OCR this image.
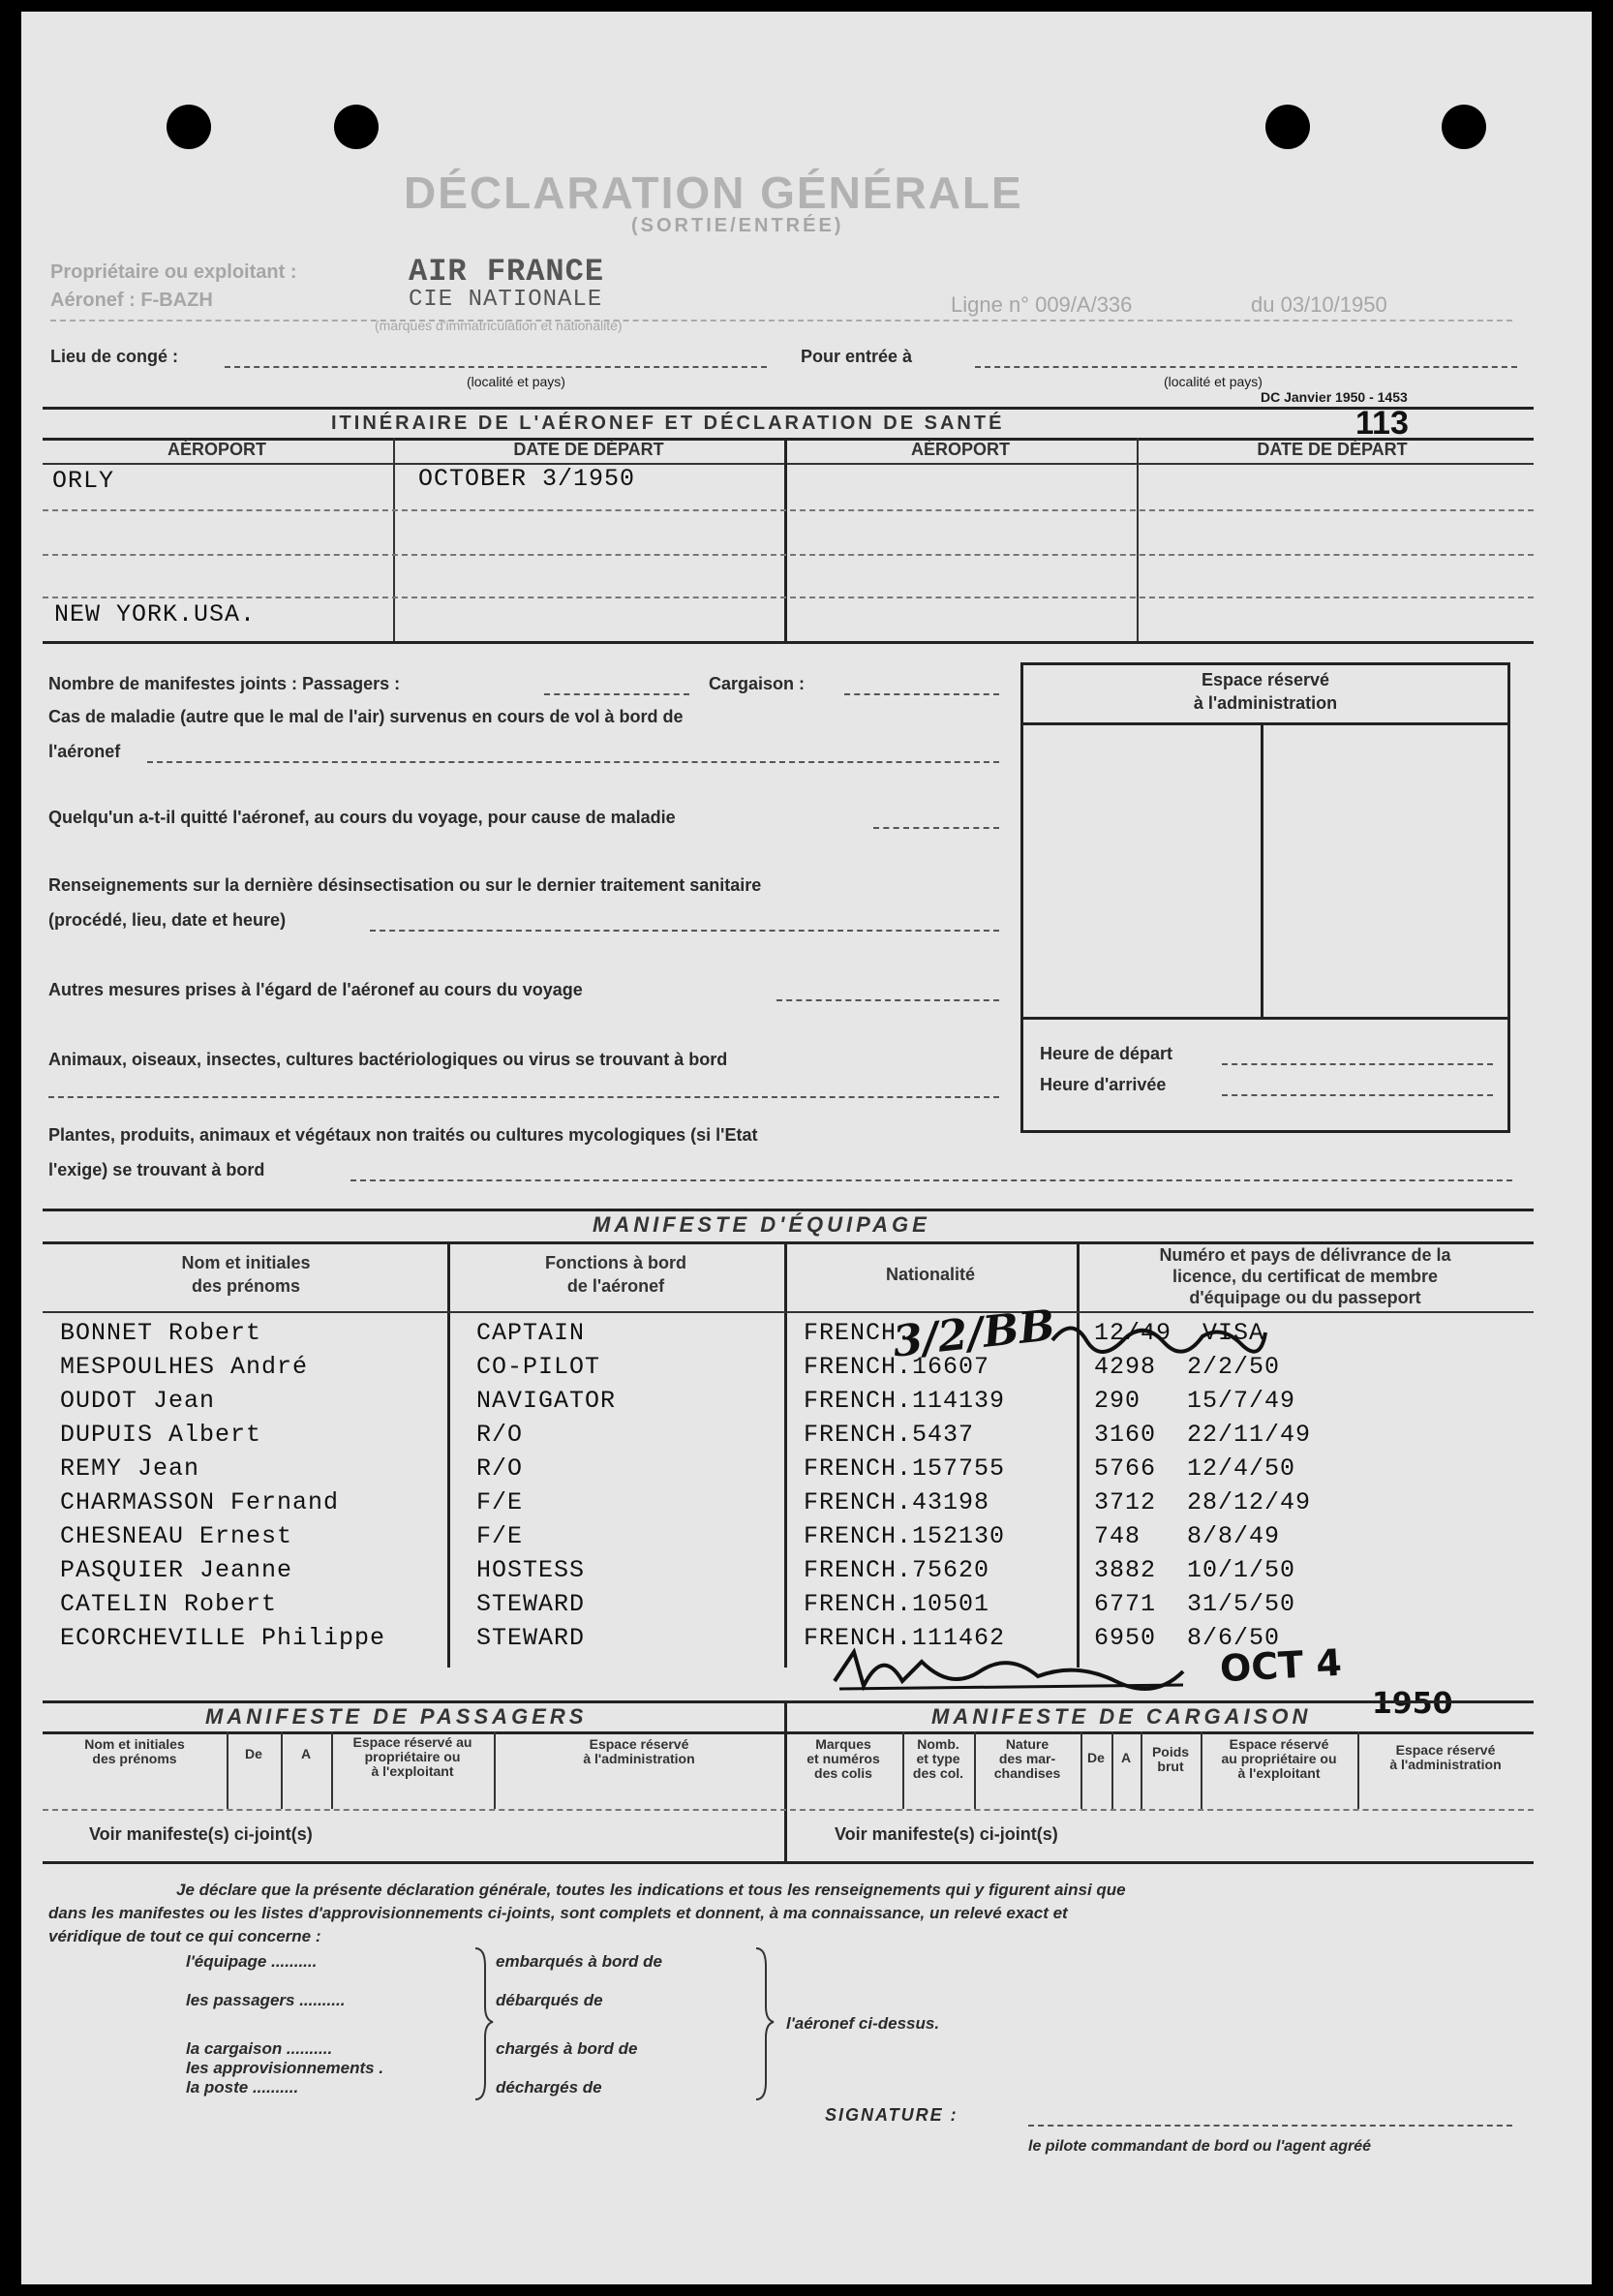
DÉCLARATION GÉNÉRALE
(SORTIE/ENTRÉE)
Propriétaire ou exploitant :
Aéronef : F-BAZH
AIR FRANCE
CIE NATIONALE
(marques d'immatriculation et nationalité)
Ligne n° 009/A/336	du 03/10/1950
Lieu de congé :
(localité et pays)
Pour entrée à
(localité et pays)
DC Janvier 1950 - 1453
ITINÉRAIRE DE L'AÉRONEF ET DÉCLARATION DE SANTÉ	113
AÉROPORT	DATE DE DÉPART	AÉROPORT	DATE DE DÉPART
ORLY	OCTOBER 3/1950
NEW YORK.USA.
Nombre de manifestes joints : Passagers :	Cargaison :
Cas de maladie (autre que le mal de l'air) survenus en cours de vol à bord de
l'aéronef
Quelqu'un a-t-il quitté l'aéronef, au cours du voyage, pour cause de maladie
Renseignements sur la dernière désinsectisation ou sur le dernier traitement sanitaire
(procédé, lieu, date et heure)
Autres mesures prises à l'égard de l'aéronef au cours du voyage
Animaux, oiseaux, insectes, cultures bactériologiques ou virus se trouvant à bord
Plantes, produits, animaux et végétaux non traités ou cultures mycologiques (si l'Etat
l'exige) se trouvant à bord
Espace réservé
à l'administration
Heure de départ
Heure d'arrivée
MANIFESTE D'ÉQUIPAGE
Nom et initiales
des prénoms
Fonctions à bord
de l'aéronef
Nationalité
Numéro et pays de délivrance de la
licence, du certificat de membre
d'équipage ou du passeport
BONNET Robert	CAPTAIN	FRENCH.	12/49  VISA
MESPOULHES André	CO-PILOT	FRENCH.16607	4298  2/2/50
OUDOT Jean	NAVIGATOR	FRENCH.114139	290   15/7/49
DUPUIS Albert	R/O	FRENCH.5437	3160  22/11/49
REMY Jean	R/O	FRENCH.157755	5766  12/4/50
CHARMASSON Fernand	F/E	FRENCH.43198	3712  28/12/49
CHESNEAU Ernest	F/E	FRENCH.152130	748   8/8/49
PASQUIER Jeanne	HOSTESS	FRENCH.75620	3882  10/1/50
CATELIN Robert	STEWARD	FRENCH.10501	6771  31/5/50
ECORCHEVILLE Philippe	STEWARD	FRENCH.111462	6950  8/6/50
3/2/BB
OCT 4
1950
MANIFESTE DE PASSAGERS	MANIFESTE DE CARGAISON
Nom et initiales
des prénoms	De	A
Espace réservé au
propriétaire ou
à l'exploitant
Espace réservé
à l'administration
Voir manifeste(s) ci-joint(s)
Marques
et numéros
des colis
Nomb.
et type
des col.
Nature
des mar-
chandises
De	A	Poids
brut
Espace réservé
au propriétaire ou
à l'exploitant
Espace réservé
à l'administration
Voir manifeste(s) ci-joint(s)
Je déclare que la présente déclaration générale, toutes les indications et tous les renseignements qui y figurent ainsi que
dans les manifestes ou les listes d'approvisionnements ci-joints, sont complets et donnent, à ma connaissance, un relevé exact et
véridique de tout ce qui concerne :
l'équipage ..........
les passagers ..........
la cargaison ..........
les approvisionnements .
la poste ..........
embarqués à bord de
débarqués de
chargés à bord de
déchargés de
l'aéronef ci-dessus.
SIGNATURE :
le pilote commandant de bord ou l'agent agréé
